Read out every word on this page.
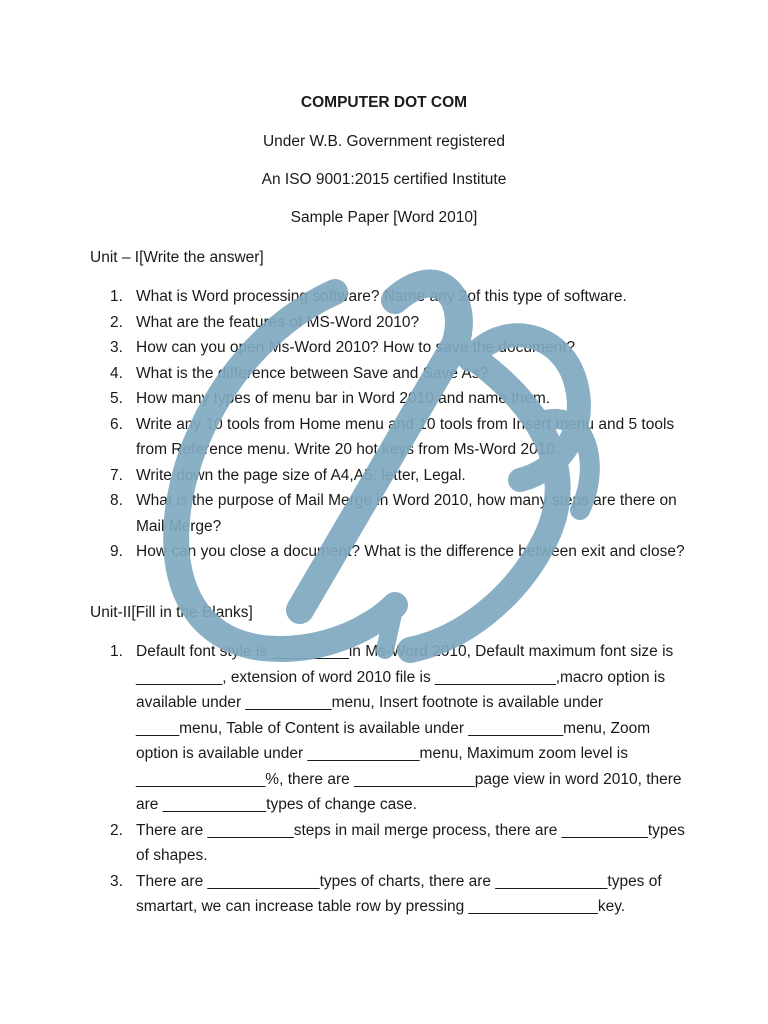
COMPUTER DOT COM
Under W.B. Government registered
An ISO 9001:2015 certified Institute
Sample Paper [Word 2010]
Unit – I[Write the answer]
1. What is Word processing software? Name any 2of this type of software.
2. What are the features of MS-Word 2010?
3. How can you open Ms-Word 2010? How to save the document?
4. What is the difference between Save and Save As?
5. How many types of menu bar in Word 2010 and name them.
6. Write any 10 tools from Home menu and 10 tools from Insert menu and 5 tools from Reference menu. Write 20 hot keys from Ms-Word 2010.
7. Write down the page size of A4,A5, letter, Legal.
8. What is the purpose of Mail Merge in Word 2010, how many steps are there on Mail Merge?
9. How can you close a document? What is the difference between exit and close?
Unit-II[Fill in the Blanks]
1. Default font style is _________in Ms-Word 2010, Default maximum font size is __________, extension of word 2010 file is ______________,macro option is available under __________menu, Insert footnote is available under _____menu, Table of Content is available under ___________menu, Zoom option is available under _____________menu, Maximum zoom level is _______________%, there are ______________page view in word 2010, there are ____________types of change case.
2. There are __________steps in mail merge process, there are __________types of shapes.
3. There are _____________types of charts, there are _____________types of smartart, we can increase table row by pressing _______________key.
